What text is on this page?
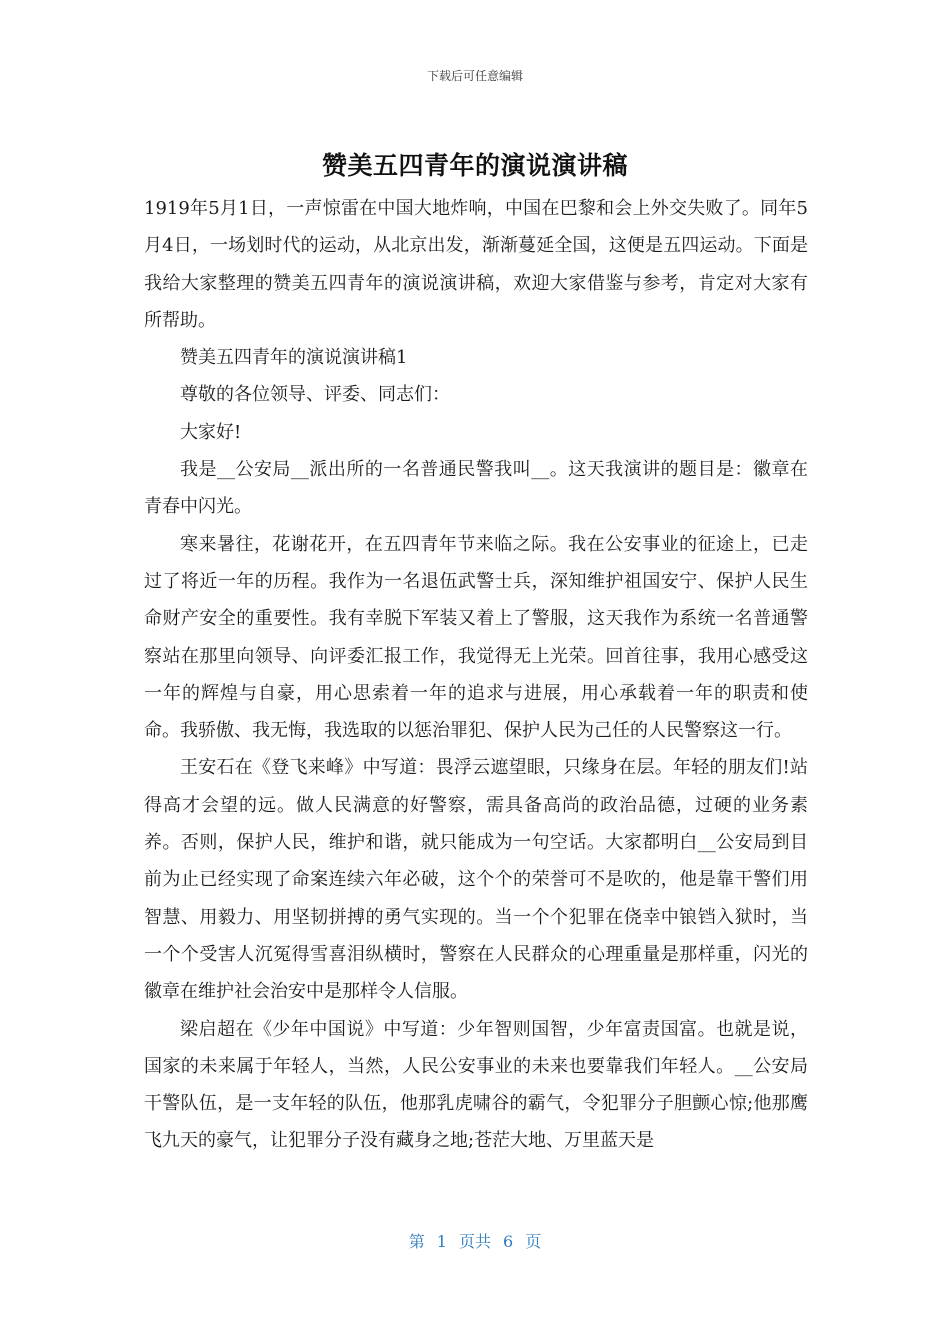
下载后可任意编辑
赞美五四青年的演说演讲稿

1919年5月1日，一声惊雷在中国大地炸响，中国在巴黎和会上外交失败了。同年5月4日，一场划时代的运动，从北京出发，渐渐蔓延全国，这便是五四运动。下面是我给大家整理的赞美五四青年的演说演讲稿，欢迎大家借鉴与参考，肯定对大家有所帮助。

赞美五四青年的演说演讲稿1

尊敬的各位领导、评委、同志们：

大家好!

我是__公安局__派出所的一名普通民警我叫__。这天我演讲的题目是：徽章在青春中闪光。

寒来暑往，花谢花开，在五四青年节来临之际。我在公安事业的征途上，已走过了将近一年的历程。我作为一名退伍武警士兵，深知维护祖国安宁、保护人民生命财产安全的重要性。我有幸脱下军装又着上了警服，这天我作为系统一名普通警察站在那里向领导、向评委汇报工作，我觉得无上光荣。回首往事，我用心感受这一年的辉煌与自豪，用心思索着一年的追求与进展，用心承载着一年的职责和使命。我骄傲、我无悔，我选取的以惩治罪犯、保护人民为己任的人民警察这一行。

王安石在《登飞来峰》中写道：畏浮云遮望眼，只缘身在层。年轻的朋友们!站得高才会望的远。做人民满意的好警察，需具备高尚的政治品德，过硬的业务素养。否则，保护人民，维护和谐，就只能成为一句空话。大家都明白__公安局到目前为止已经实现了命案连续六年必破，这个个的荣誉可不是吹的，他是靠干警们用智慧、用毅力、用坚韧拼搏的勇气实现的。当一个个犯罪在侥幸中锒铛入狱时，当一个个受害人沉冤得雪喜泪纵横时，警察在人民群众的心理重量是那样重，闪光的徽章在维护社会治安中是那样令人信服。

梁启超在《少年中国说》中写道：少年智则国智，少年富责国富。也就是说，国家的未来属于年轻人，当然，人民公安事业的未来也要靠我们年轻人。__公安局干警队伍，是一支年轻的队伍，他那乳虎啸谷的霸气，令犯罪分子胆颤心惊;他那鹰飞九天的豪气，让犯罪分子没有藏身之地;苍茫大地、万里蓝天是

第 1 页共 6 页
